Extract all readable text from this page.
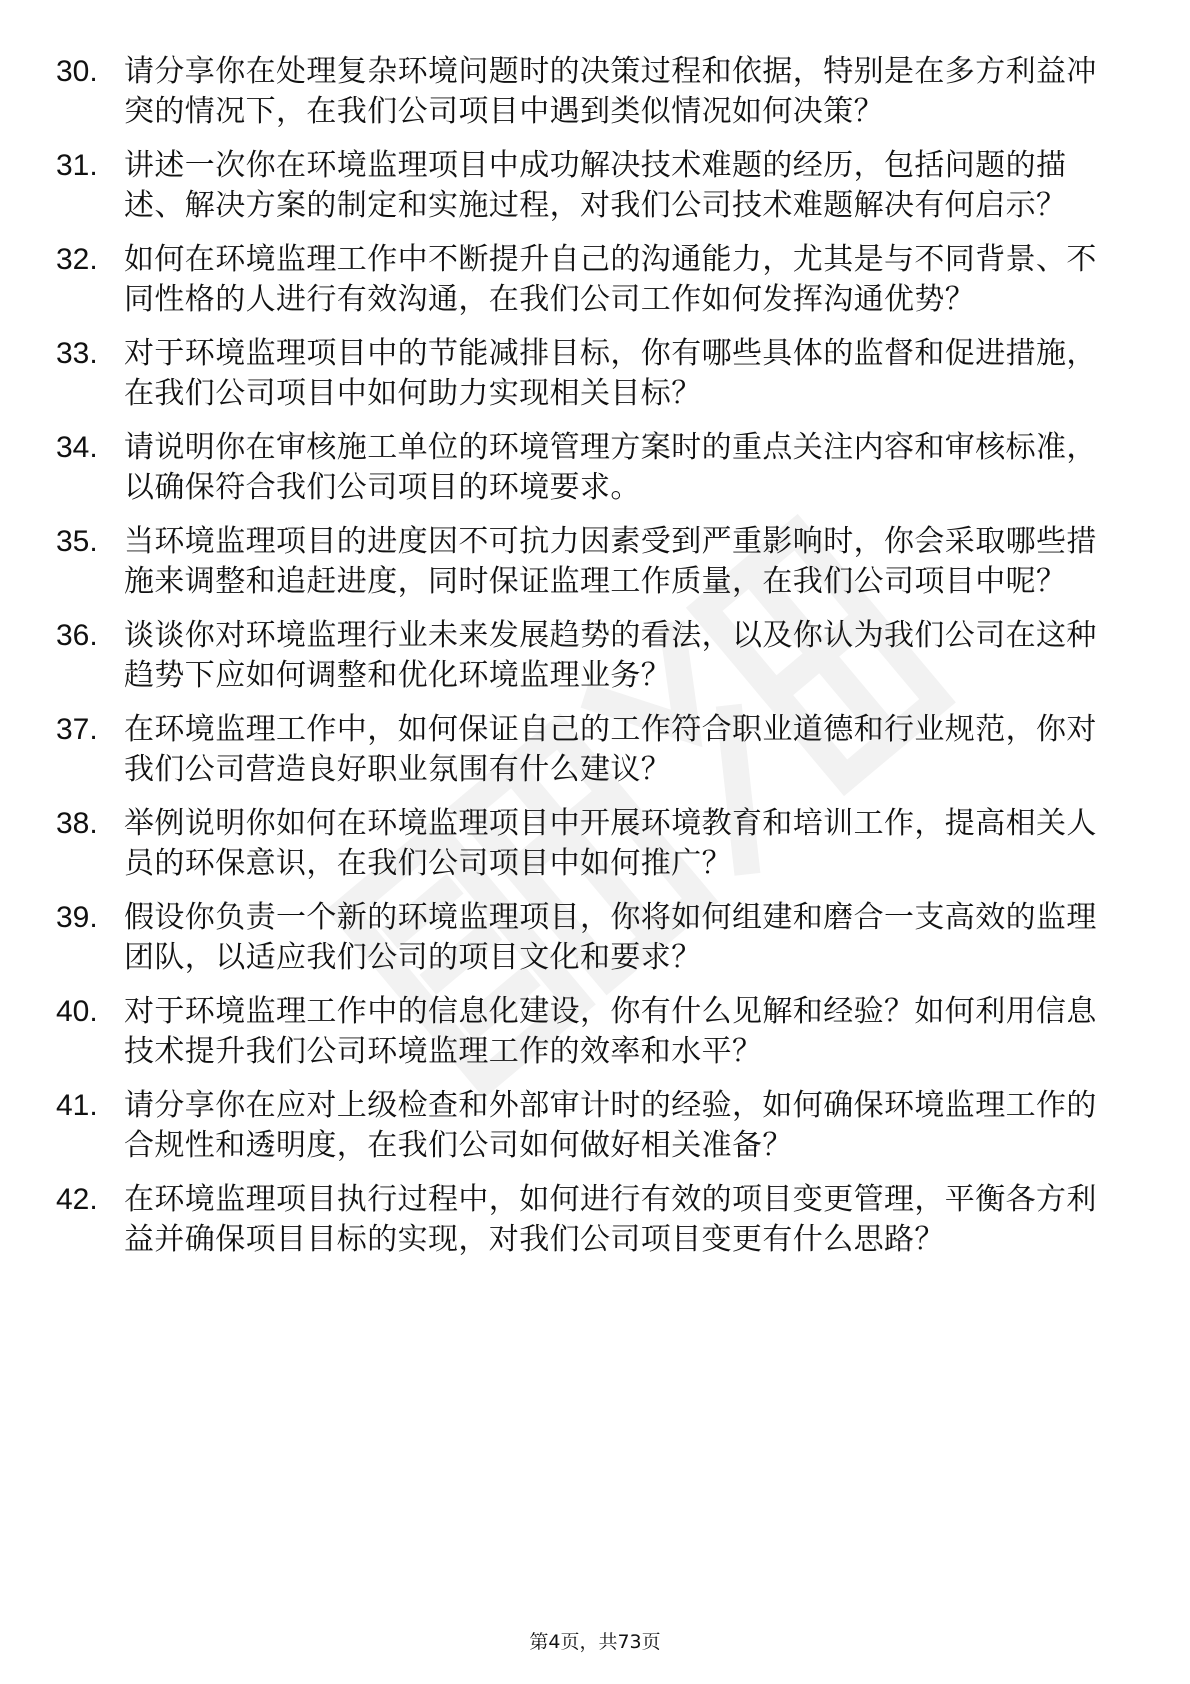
30. 请分享你在处理复杂环境问题时的决策过程和依据，特别是在多方利益冲突的情况下，在我们公司项目中遇到类似情况如何决策？
31. 讲述一次你在环境监理项目中成功解决技术难题的经历，包括问题的描述、解决方案的制定和实施过程，对我们公司技术难题解决有何启示？
32. 如何在环境监理工作中不断提升自己的沟通能力，尤其是与不同背景、不同性格的人进行有效沟通，在我们公司工作如何发挥沟通优势？
33. 对于环境监理项目中的节能减排目标，你有哪些具体的监督和促进措施，在我们公司项目中如何助力实现相关目标？
34. 请说明你在审核施工单位的环境管理方案时的重点关注内容和审核标准，以确保符合我们公司项目的环境要求。
35. 当环境监理项目的进度因不可抗力因素受到严重影响时，你会采取哪些措施来调整和追赶进度，同时保证监理工作质量，在我们公司项目中呢？
36. 谈谈你对环境监理行业未来发展趋势的看法，以及你认为我们公司在这种趋势下应如何调整和优化环境监理业务？
37. 在环境监理工作中，如何保证自己的工作符合职业道德和行业规范，你对我们公司营造良好职业氛围有什么建议？
38. 举例说明你如何在环境监理项目中开展环境教育和培训工作，提高相关人员的环保意识，在我们公司项目中如何推广？
39. 假设你负责一个新的环境监理项目，你将如何组建和磨合一支高效的监理团队，以适应我们公司的项目文化和要求？
40. 对于环境监理工作中的信息化建设，你有什么见解和经验？如何利用信息技术提升我们公司环境监理工作的效率和水平？
41. 请分享你在应对上级检查和外部审计时的经验，如何确保环境监理工作的合规性和透明度，在我们公司如何做好相关准备？
42. 在环境监理项目执行过程中，如何进行有效的项目变更管理，平衡各方利益并确保项目目标的实现，对我们公司项目变更有什么思路？
第4页，共73页
